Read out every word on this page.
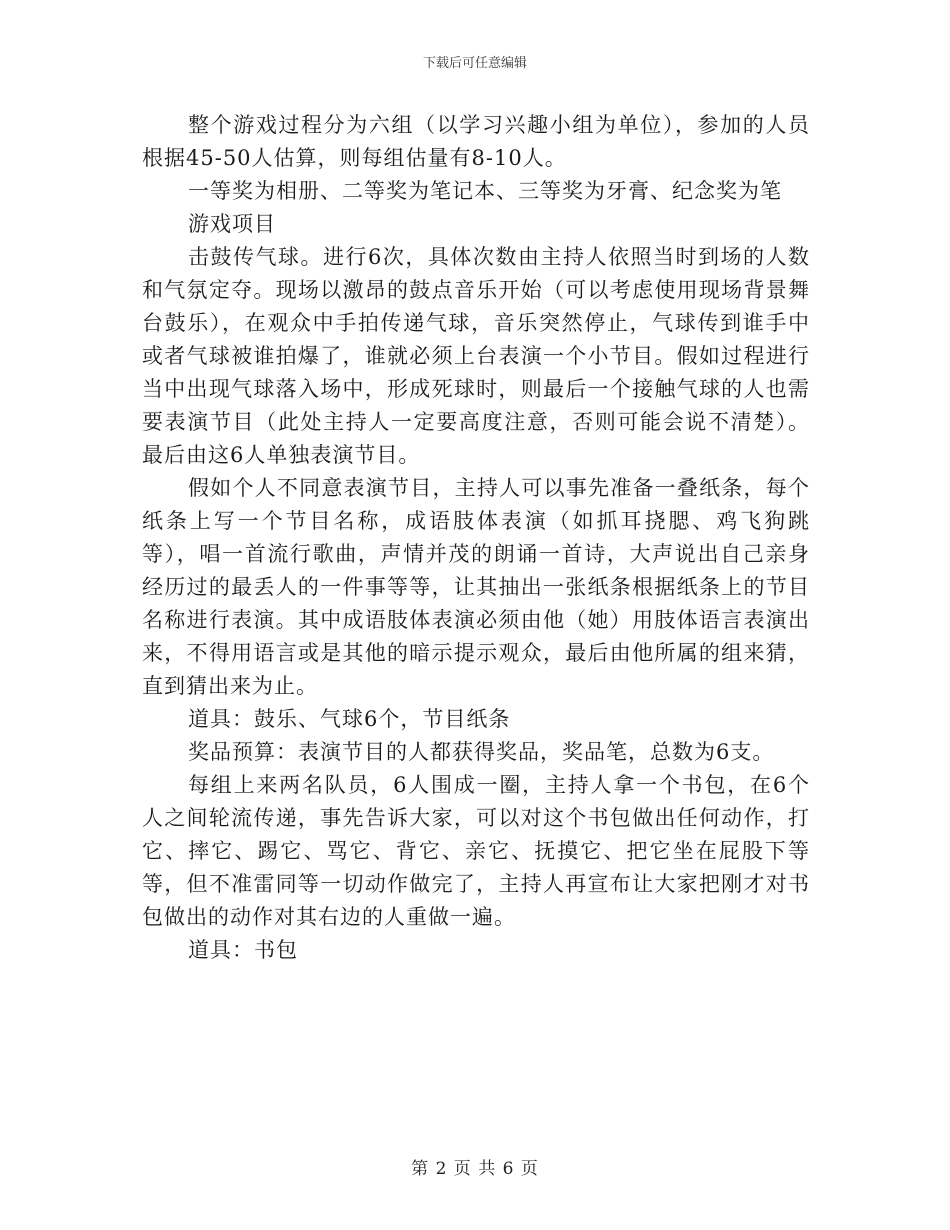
下载后可任意编辑

整个游戏过程分为六组（以学习兴趣小组为单位），参加的人员根据45-50人估算，则每组估量有8-10人。

一等奖为相册、二等奖为笔记本、三等奖为牙膏、纪念奖为笔

游戏项目

击鼓传气球。进行6次，具体次数由主持人依照当时到场的人数和气氛定夺。现场以激昂的鼓点音乐开始（可以考虑使用现场背景舞台鼓乐），在观众中手拍传递气球，音乐突然停止，气球传到谁手中或者气球被谁拍爆了，谁就必须上台表演一个小节目。假如过程进行当中出现气球落入场中，形成死球时，则最后一个接触气球的人也需要表演节目（此处主持人一定要高度注意，否则可能会说不清楚）。最后由这6人单独表演节目。

假如个人不同意表演节目，主持人可以事先准备一叠纸条，每个纸条上写一个节目名称，成语肢体表演（如抓耳挠腮、鸡飞狗跳等），唱一首流行歌曲，声情并茂的朗诵一首诗，大声说出自己亲身经历过的最丢人的一件事等等，让其抽出一张纸条根据纸条上的节目名称进行表演。其中成语肢体表演必须由他（她）用肢体语言表演出来，不得用语言或是其他的暗示提示观众，最后由他所属的组来猜，直到猜出来为止。

道具：鼓乐、气球6个，节目纸条

奖品预算：表演节目的人都获得奖品，奖品笔，总数为6支。

每组上来两名队员，6人围成一圈，主持人拿一个书包，在6个人之间轮流传递，事先告诉大家，可以对这个书包做出任何动作，打它、摔它、踢它、骂它、背它、亲它、抚摸它、把它坐在屁股下等等，但不准雷同等一切动作做完了，主持人再宣布让大家把刚才对书包做出的动作对其右边的人重做一遍。

道具：书包

第 2 页 共 6 页
